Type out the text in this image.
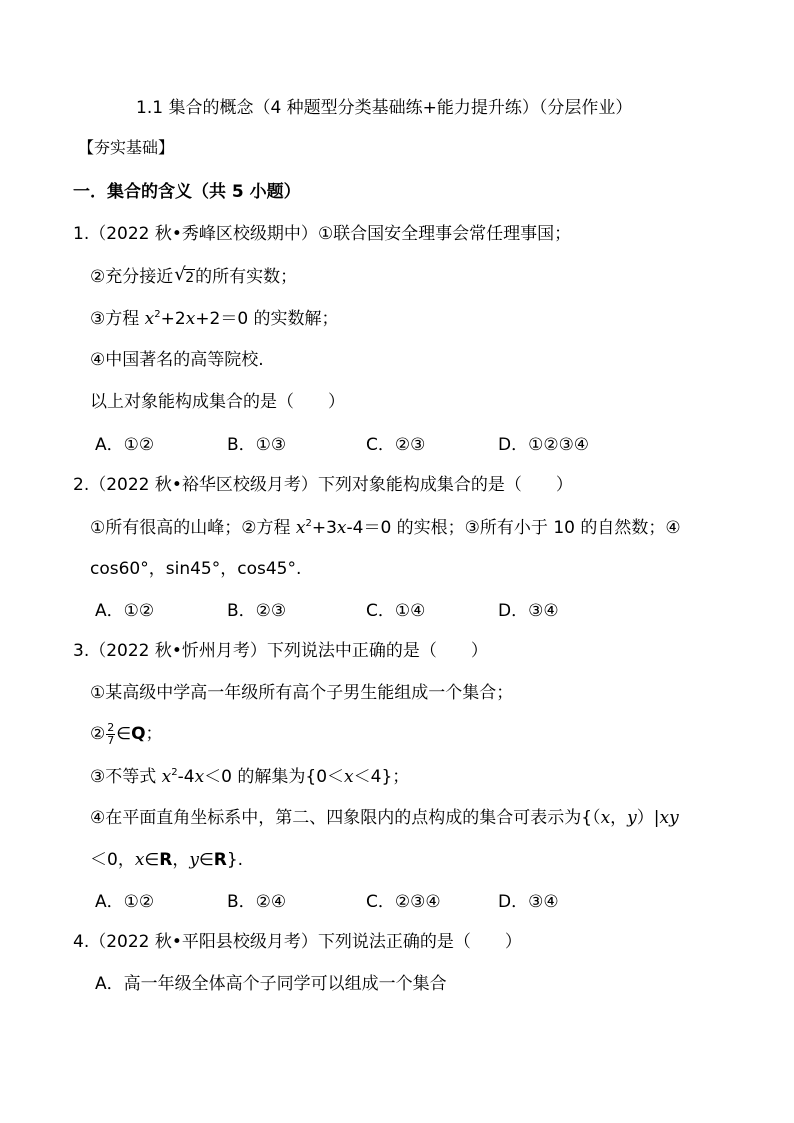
1.1 集合的概念（4 种题型分类基础练+能力提升练）（分层作业）
【夯实基础】
一．集合的含义（共 5 小题）
1.（2022 秋•秀峰区校级期中）①联合国安全理事会常任理事国；
②充分接近 √ 2的所有实数；
③方程 $x^2+2x+2=0$ 的实数解；
④中国著名的高等院校.
以上对象能构成集合的是（　　）
A．①②	B．①③	C．②③	D．①②③④
2.（2022 秋•裕华区校级月考）下列对象能构成集合的是（　　）
①所有很高的山峰；②方程 $x^2+3x-4=0$ 的实根；③所有小于 10 的自然数；④
cos60°，sin45°，cos45°.
A．①②	B．②③	C．①④	D．③④
3.（2022 秋•忻州月考）下列说法中正确的是（　　）
①某高级中学高一年级所有高个子男生能组成一个集合；
② $\frac{2}{7}$ ∈Q；
③不等式 $x^2-4x<0$ 的解集为{0＜x＜4}；
④在平面直角坐标系中，第二、四象限内的点构成的集合可表示为{（x，y）|xy
＜0，x∈R，y∈R}.
A．①②	B．②④	C．②③④	D．③④
4.（2022 秋•平阳县校级月考）下列说法正确的是（　　）
A．高一年级全体高个子同学可以组成一个集合
